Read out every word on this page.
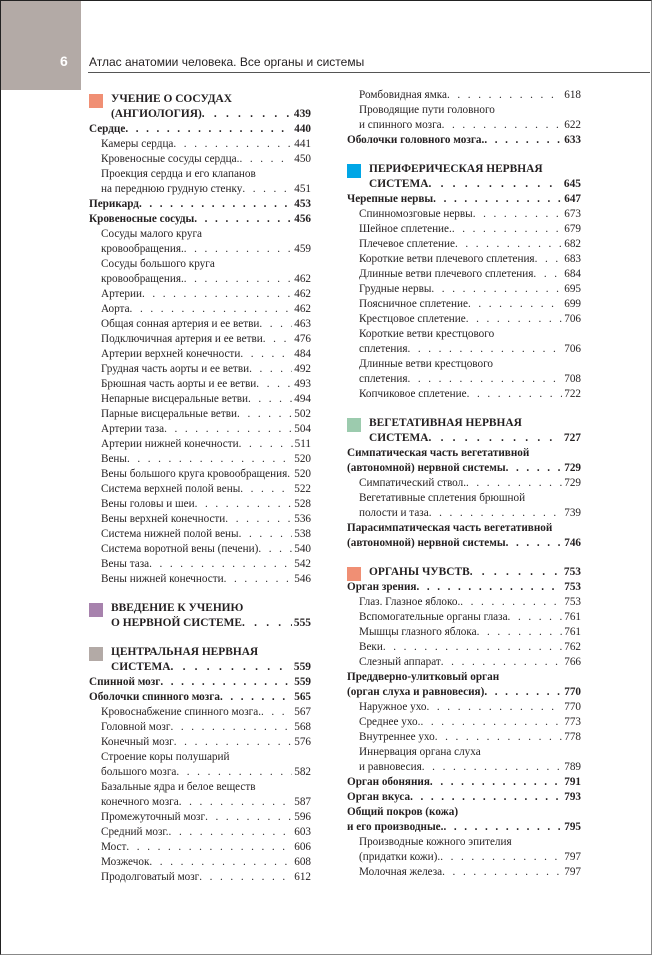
6 Атлас анатомии человека. Все органы и системы
УЧЕНИЕ О СОСУДАХ
(АНГИОЛОГИЯ) . . .	439
Сердце . . .	440
Камеры сердца . . .	441
Кровеносные сосуды сердца. . . .	450
Проекция сердца и его клапанов
на переднюю грудную стенку . . .	451
Перикард . . .	453
Кровеносные сосуды . . .	456
Сосуды малого круга
кровообращения. . . .	459
Сосуды большого круга
кровообращения. . . .	462
Артерии . . .	462
Аорта . . .	462
Общая сонная артерия и ее ветви . . .	463
Подключичная артерия и ее ветви . . .	476
Артерии верхней конечности . . .	484
Грудная часть аорты и ее ветви . . .	492
Брюшная часть аорты и ее ветви . . .	493
Непарные висцеральные ветви . . .	494
Парные висцеральные ветви . . .	502
Артерии таза . . .	504
Артерии нижней конечности . . .	511
Вены . . .	520
Вены большого круга кровообращения . . . 520
Система верхней полой вены . . .	522
Вены головы и шеи . . .	528
Вены верхней конечности . . .	536
Система нижней полой вены . . .	538
Система воротной вены (печени) . . .	540
Вены таза . . .	542
Вены нижней конечности . . .	546
ВВЕДЕНИЕ К УЧЕНИЮ
О НЕРВНОЙ СИСТЕМЕ . . .	555
ЦЕНТРАЛЬНАЯ НЕРВНАЯ
СИСТЕМА . . .	559
Спинной мозг . . .	559
Оболочки спинного мозга . . .	565
Кровоснабжение спинного мозга. . . .	567
Головной мозг . . .	568
Конечный мозг . . .	576
Строение коры полушарий
большого мозга . . .	582
Базальные ядра и белое веществ
конечного мозга . . .	587
Промежуточный мозг . . .	596
Средний мозг. . . .	603
Мост . . .	606
Мозжечок . . .	608
Продолговатый мозг . . .	612
Ромбовидная ямка . . .	618
Проводящие пути головного
и спинного мозга . . .	622
Оболочки головного мозга. . . .	633
ПЕРИФЕРИЧЕСКАЯ НЕРВНАЯ
СИСТЕМА . . .	645
Черепные нервы . . .	647
Спинномозговые нервы . . .	673
Шейное сплетение. . . .	679
Плечевое сплетение . . .	682
Короткие ветви плечевого сплетения . . .	683
Длинные ветви плечевого сплетения . . .	684
Грудные нервы . . .	695
Поясничное сплетение . . .	699
Крестцовое сплетение . . .	706
Короткие ветви крестцового
сплетения . . .	706
Длинные ветви крестцового
сплетения . . .	708
Копчиковое сплетение . . .	722
ВЕГЕТАТИВНАЯ НЕРВНАЯ
СИСТЕМА . . .	727
Симпатическая часть вегетативной
(автономной) нервной системы . . .	729
Симпатический ствол. . . .	729
Вегетативные сплетения брюшной
полости и таза . . .	739
Парасимпатическая часть вегетативной
(автономной) нервной системы . . .	746
ОРГАНЫ ЧУВСТВ . . .	753
Орган зрения . . .	753
Глаз. Глазное яблоко. . . .	753
Вспомогательные органы глаза . . .	761
Мышцы глазного яблока . . .	761
Веки . . .	762
Слезный аппарат . . .	766
Преддверно-улитковый орган
(орган слуха и равновесия) . . .	770
Наружное ухо . . .	770
Среднее ухо. . . .	773
Внутреннее ухо . . .	778
Иннервация органа слуха
и равновесия . . .	789
Орган обоняния . . .	791
Орган вкуса . . .	793
Общий покров (кожа)
и его производные. . . .	795
Производные кожного эпителия
(придатки кожи). . . .	797
Молочная железа . . .	797
